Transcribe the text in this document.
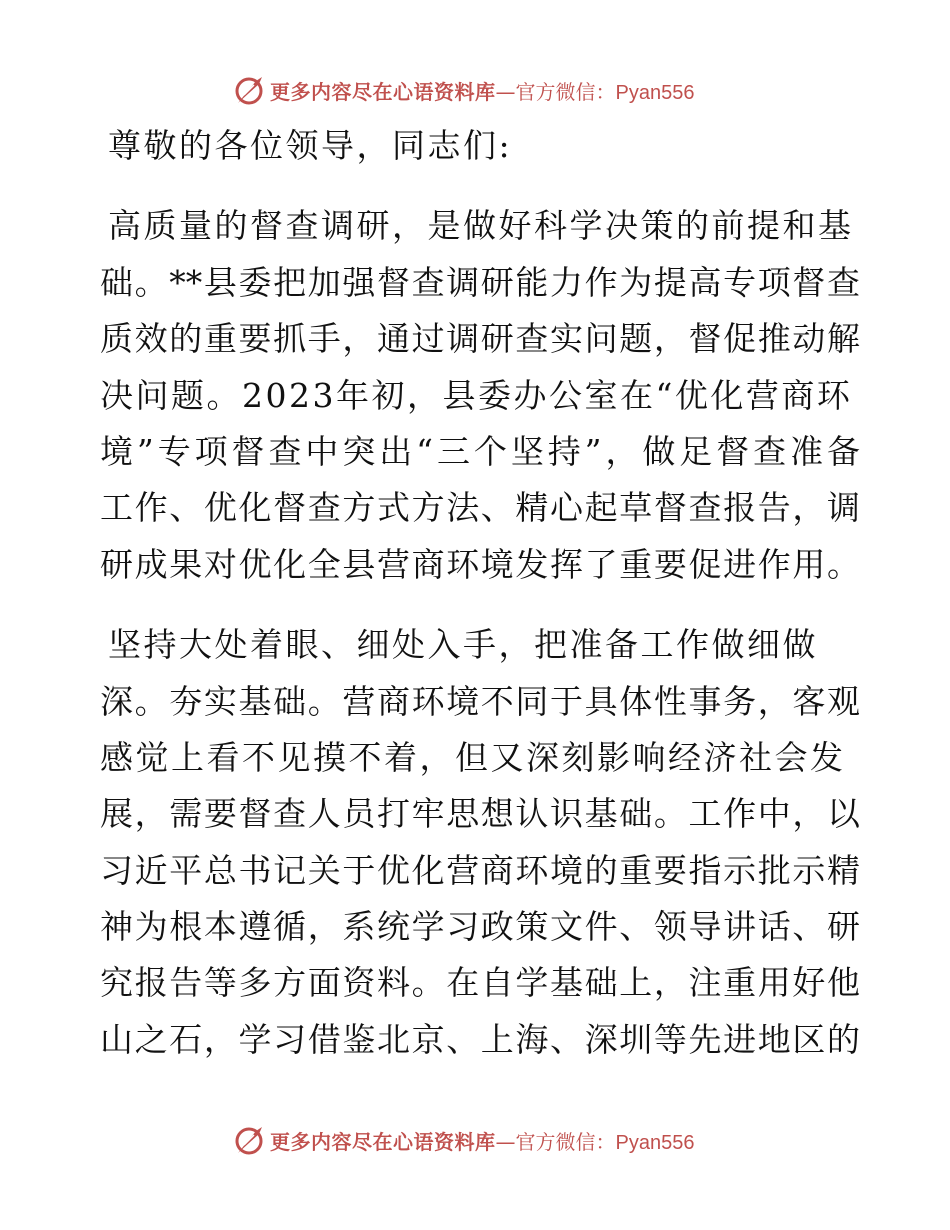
更多内容尽在心语资料库—官方微信：Pyan556
尊敬的各位领导，同志们:
高质量的督查调研，是做好科学决策的前提和基
础。**县委把加强督查调研能力作为提高专项督查
质效的重要抓手，通过调研查实问题，督促推动解
决问题。2023年初，县委办公室在“优化营商环
境”专项督查中突出“三个坚持”，做足督查准备
工作、优化督查方式方法、精心起草督查报告，调
研成果对优化全县营商环境发挥了重要促进作用。
坚持大处着眼、细处入手，把准备工作做细做
深。夯实基础。营商环境不同于具体性事务，客观
感觉上看不见摸不着，但又深刻影响经济社会发
展，需要督查人员打牢思想认识基础。工作中，以
习近平总书记关于优化营商环境的重要指示批示精
神为根本遵循，系统学习政策文件、领导讲话、研
究报告等多方面资料。在自学基础上，注重用好他
山之石，学习借鉴北京、上海、深圳等先进地区的
更多内容尽在心语资料库—官方微信：Pyan556
